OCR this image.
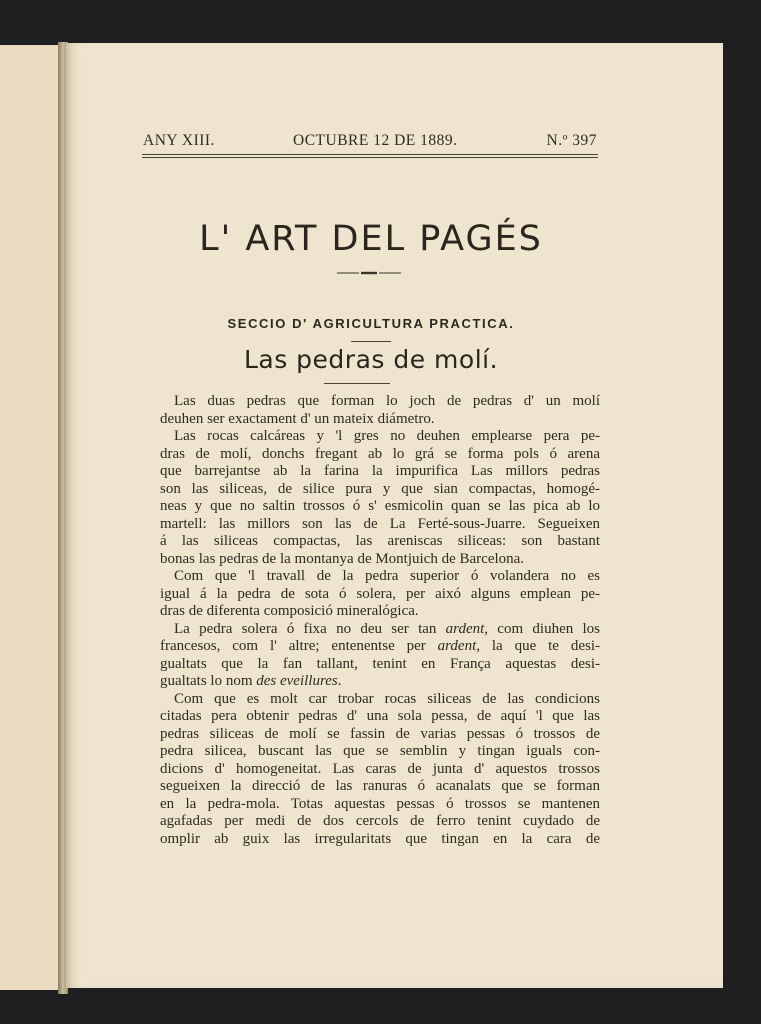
ANY XIII.	OCTUBRE 12 DE 1889.	N.º 397
L' ART DEL PAGÉS
SECCIO D' AGRICULTURA PRACTICA.
Las pedras de molí.
Las duas pedras que forman lo joch de pedras d' un molí
deuhen ser exactament d' un mateix diámetro.
Las rocas calcáreas y 'l gres no deuhen emplearse pera pe-
dras de molí, donchs fregant ab lo grá se forma pols ó arena
que barrejantse ab la farina la impurifica Las millors pedras
son las siliceas, de silice pura y que sian compactas, homogé-
neas y que no saltin trossos ó s' esmicolin quan se las pica ab lo
martell: las millors son las de La Ferté-sous-Juarre. Segueixen
á las siliceas compactas, las areniscas siliceas: son bastant
bonas las pedras de la montanya de Montjuich de Barcelona.
Com que 'l travall de la pedra superior ó volandera no es
igual á la pedra de sota ó solera, per aixó alguns emplean pe-
dras de diferenta composició mineralógica.
La pedra solera ó fixa no deu ser tan ardent, com diuhen los
francesos, com l' altre; entenentse per ardent, la que te desi-
gualtats que la fan tallant, tenint en França aquestas desi-
gualtats lo nom des eveillures.
Com que es molt car trobar rocas siliceas de las condicions
citadas pera obtenir pedras d' una sola pessa, de aquí 'l que las
pedras siliceas de molí se fassin de varias pessas ó trossos de
pedra silicea, buscant las que se semblin y tingan iguals con-
dicions d' homogeneitat. Las caras de junta d' aquestos trossos
segueixen la direcció de las ranuras ó acanalats que se forman
en la pedra-mola. Totas aquestas pessas ó trossos se mantenen
agafadas per medi de dos cercols de ferro tenint cuydado de
omplir ab guix las irregularitats que tingan en la cara de
